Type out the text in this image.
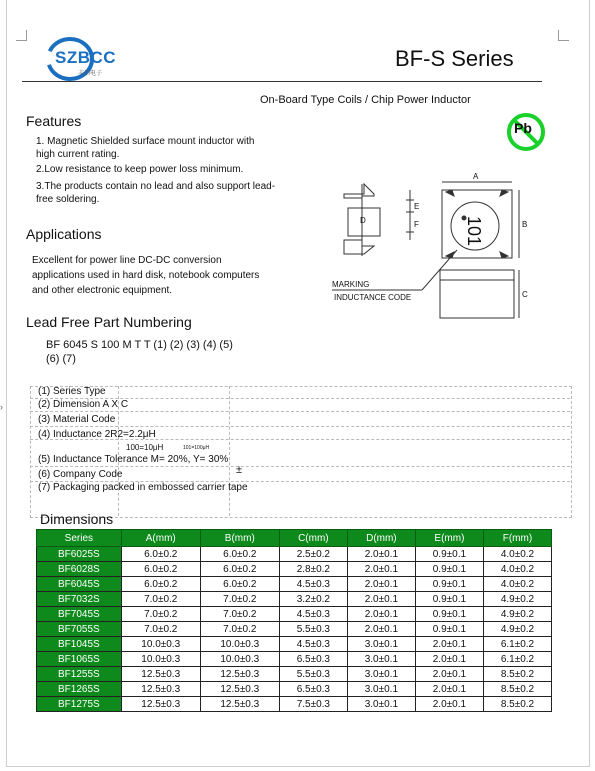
›
SZBCC
丰佰电子
BF-S Series
On-Board Type Coils / Chip Power Inductor
Pb
Features
1. Magnetic Shielded surface mount inductor with high current rating.
2.Low resistance to keep power loss minimum.
3.The products contain no lead and also support lead-free soldering.
Applications
Excellent for power line DC-DC conversion applications used in hard disk, notebook computers and other electronic equipment.
Lead Free Part Numbering
BF 6045 S 100 M T T (1) (2) (3) (4) (5)
(6) (7)
101
A
B
C
D
E
F
MARKING
INDUCTANCE CODE
(1) Series Type
(2) Dimension A X C
(3) Material Code
(4) Inductance 2R2=2.2μH
100=10μH	101=100μH
(5) Inductance Tolerance M= 20%, Y= 30%
(6) Company Code	±
(7) Packaging packed in embossed carrier tape
Dimensions
Series	A(mm)	B(mm)	C(mm)	D(mm)	E(mm)	F(mm)
BF6025S	6.0±0.2	6.0±0.2	2.5±0.2	2.0±0.1	0.9±0.1	4.0±0.2
BF6028S	6.0±0.2	6.0±0.2	2.8±0.2	2.0±0.1	0.9±0.1	4.0±0.2
BF6045S	6.0±0.2	6.0±0.2	4.5±0.3	2.0±0.1	0.9±0.1	4.0±0.2
BF7032S	7.0±0.2	7.0±0.2	3.2±0.2	2.0±0.1	0.9±0.1	4.9±0.2
BF7045S	7.0±0.2	7.0±0.2	4.5±0.3	2.0±0.1	0.9±0.1	4.9±0.2
BF7055S	7.0±0.2	7.0±0.2	5.5±0.3	2.0±0.1	0.9±0.1	4.9±0.2
BF1045S	10.0±0.3	10.0±0.3	4.5±0.3	3.0±0.1	2.0±0.1	6.1±0.2
BF1065S	10.0±0.3	10.0±0.3	6.5±0.3	3.0±0.1	2.0±0.1	6.1±0.2
BF1255S	12.5±0.3	12.5±0.3	5.5±0.3	3.0±0.1	2.0±0.1	8.5±0.2
BF1265S	12.5±0.3	12.5±0.3	6.5±0.3	3.0±0.1	2.0±0.1	8.5±0.2
BF1275S	12.5±0.3	12.5±0.3	7.5±0.3	3.0±0.1	2.0±0.1	8.5±0.2
